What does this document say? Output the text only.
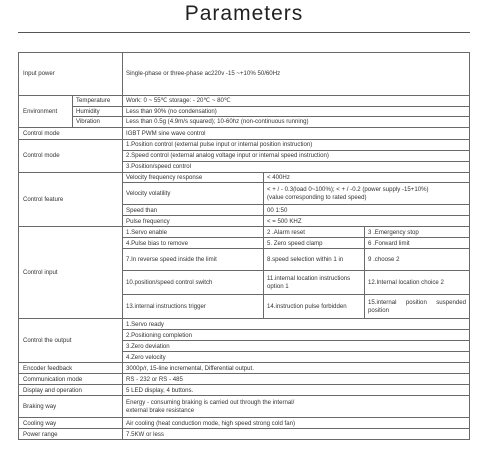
Parameters
Input power		Single-phase or three-phase ac220v -15 ~+10% 50/60Hz		
Environment	Temperature	Work: 0 ~ 55℃ storage: - 20℃ ~ 80℃		
	Humidity	Less than 90% (no condensation)		
	Vibration	Less than 0.5g (4.9m/s squared); 10-60hz (non-continuous running)		
Control mode		IGBT PWM sine wave control		
Control mode		1.Position control (external pulse input or internal position instruction)		
		2.Speed control (external analog voltage input or internal speed instruction)		
		3.Position/speed control		
Control feature		Velocity frequency response	< 400Hz	
		Velocity volatility	< + / - 0.3(load 0~100%); < + / -0.2 (power supply -15+10%)
(value corresponding to rated speed)	

		Speed than	00 1:50	
		Pulse frequency	< = 500 KHZ	
Control input		1.Servo enable	2 .Alarm reset	3 .Emergency stop
		4.Pulse bias to remove	5. Zero speed clamp	6 .Forward limit
		7.In reverse speed inside the limit	8.speed selection within 1 in	9 .choose 2
		10.position/speed control switch	11.internal location instructions option 1	12.Internal location choice 2
		13.internal instructions trigger	14.instruction pulse forbidden	15.internal position suspended position
Control the output		1.Servo ready		
		2.Positioning completion		
		3.Zero deviation		
		4.Zero velocity		
Encoder feedback		3000p/r, 15-line incremental, Differential output.		
Communication mode		RS - 232 or RS - 485		
Display and operation		5 LED display, 4 buttons.		
Braking way		Energy - consuming braking is carried out through the internal/
external brake resistance		

Cooling way		Air cooling (heat conduction mode, high speed strong cold fan)		
Power range		7.5KW or less		
